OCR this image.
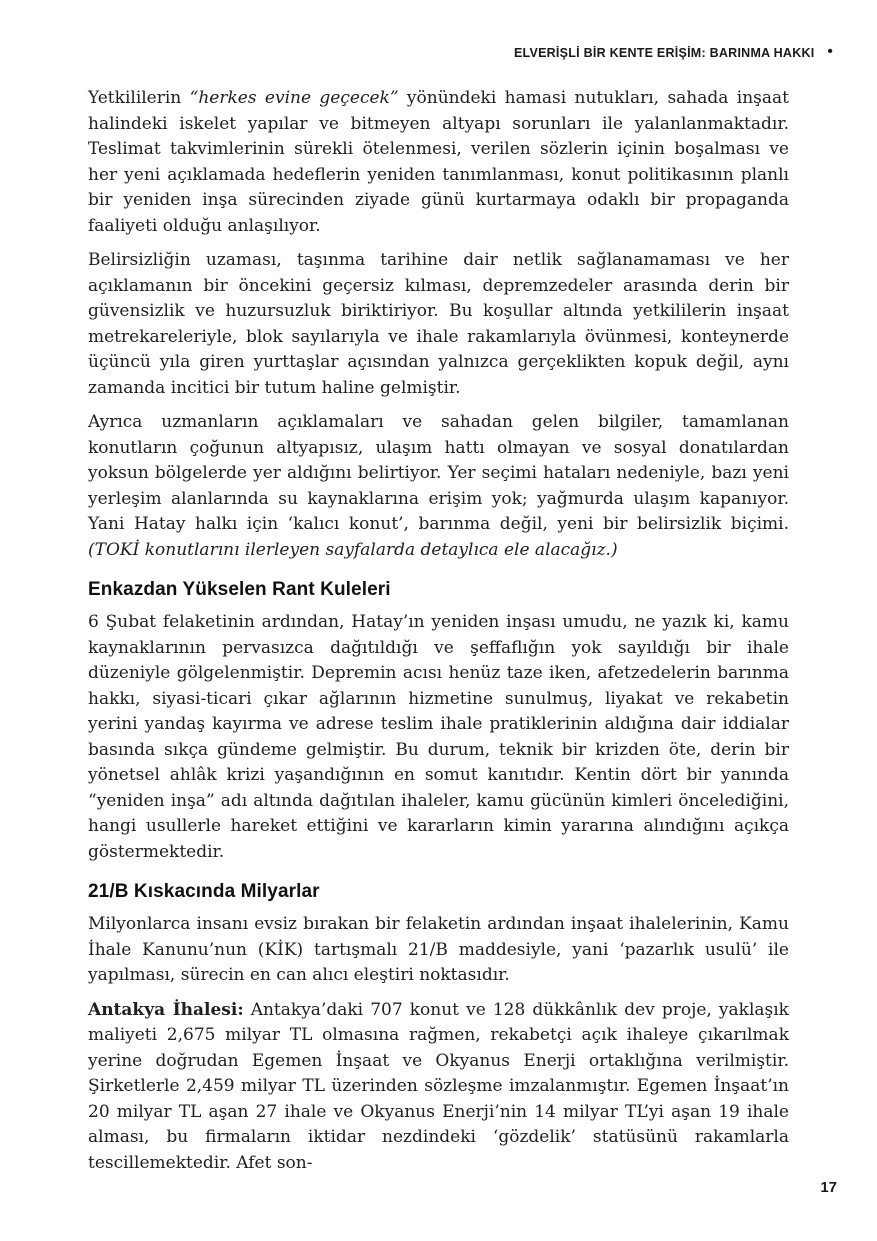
ELVERİŞLİ BİR KENTE ERİŞİM: BARINMA HAKKI •

Yetkililerin “herkes evine geçecek” yönündeki hamasi nutukları, sahada inşaat halindeki iskelet yapılar ve bitmeyen altyapı sorunları ile yalanlanmaktadır. Teslimat takvimlerinin sürekli ötelenmesi, verilen sözlerin içinin boşalması ve her yeni açıklamada hedeflerin yeniden tanımlanması, konut politikasının planlı bir yeniden inşa sürecinden ziyade günü kurtarmaya odaklı bir propaganda faaliyeti olduğu anlaşılıyor.

Belirsizliğin uzaması, taşınma tarihine dair netlik sağlanamaması ve her açıklamanın bir öncekini geçersiz kılması, depremzedeler arasında derin bir güvensizlik ve huzursuzluk biriktiriyor. Bu koşullar altında yetkililerin inşaat metrekareleriyle, blok sayılarıyla ve ihale rakamlarıyla övünmesi, konteynerde üçüncü yıla giren yurttaşlar açısından yalnızca gerçeklikten kopuk değil, aynı zamanda incitici bir tutum haline gelmiştir.

Ayrıca uzmanların açıklamaları ve sahadan gelen bilgiler, tamamlanan konutların çoğunun altyapısız, ulaşım hattı olmayan ve sosyal donatılardan yoksun bölgelerde yer aldığını belirtiyor. Yer seçimi hataları nedeniyle, bazı yeni yerleşim alanlarında su kaynaklarına erişim yok; yağmurda ulaşım kapanıyor. Yani Hatay halkı için ‘kalıcı konut’, barınma değil, yeni bir belirsizlik biçimi. (TOKİ konutlarını ilerleyen sayfalarda detaylıca ele alacağız.)

Enkazdan Yükselen Rant Kuleleri

6 Şubat felaketinin ardından, Hatay’ın yeniden inşası umudu, ne yazık ki, kamu kaynaklarının pervasızca dağıtıldığı ve şeffaflığın yok sayıldığı bir ihale düzeniyle gölgelenmiştir. Depremin acısı henüz taze iken, afetzedelerin barınma hakkı, siyasi-ticari çıkar ağlarının hizmetine sunulmuş, liyakat ve rekabetin yerini yandaş kayırma ve adrese teslim ihale pratiklerinin aldığına dair iddialar basında sıkça gündeme gelmiştir. Bu durum, teknik bir krizden öte, derin bir yönetsel ahlâk krizi yaşandığının en somut kanıtıdır. Kentin dört bir yanında “yeniden inşa” adı altında dağıtılan ihaleler, kamu gücünün kimleri öncelediğini, hangi usullerle hareket ettiğini ve kararların kimin yararına alındığını açıkça göstermektedir.

21/B Kıskacında Milyarlar

Milyonlarca insanı evsiz bırakan bir felaketin ardından inşaat ihalelerinin, Kamu İhale Kanunu’nun (KİK) tartışmalı 21/B maddesiyle, yani ‘pazarlık usulü’ ile yapılması, sürecin en can alıcı eleştiri noktasıdır.

Antakya İhalesi: Antakya’daki 707 konut ve 128 dükkânlık dev proje, yaklaşık maliyeti 2,675 milyar TL olmasına rağmen, rekabetçi açık ihaleye çıkarılmak yerine doğrudan Egemen İnşaat ve Okyanus Enerji ortaklığına verilmiştir. Şirketlerle 2,459 milyar TL üzerinden sözleşme imzalanmıştır. Egemen İnşaat’ın 20 milyar TL aşan 27 ihale ve Okyanus Enerji’nin 14 milyar TL’yi aşan 19 ihale alması, bu firmaların iktidar nezdindeki ‘gözdelik’ statüsünü rakamlarla tescillemektedir. Afet son-

17
